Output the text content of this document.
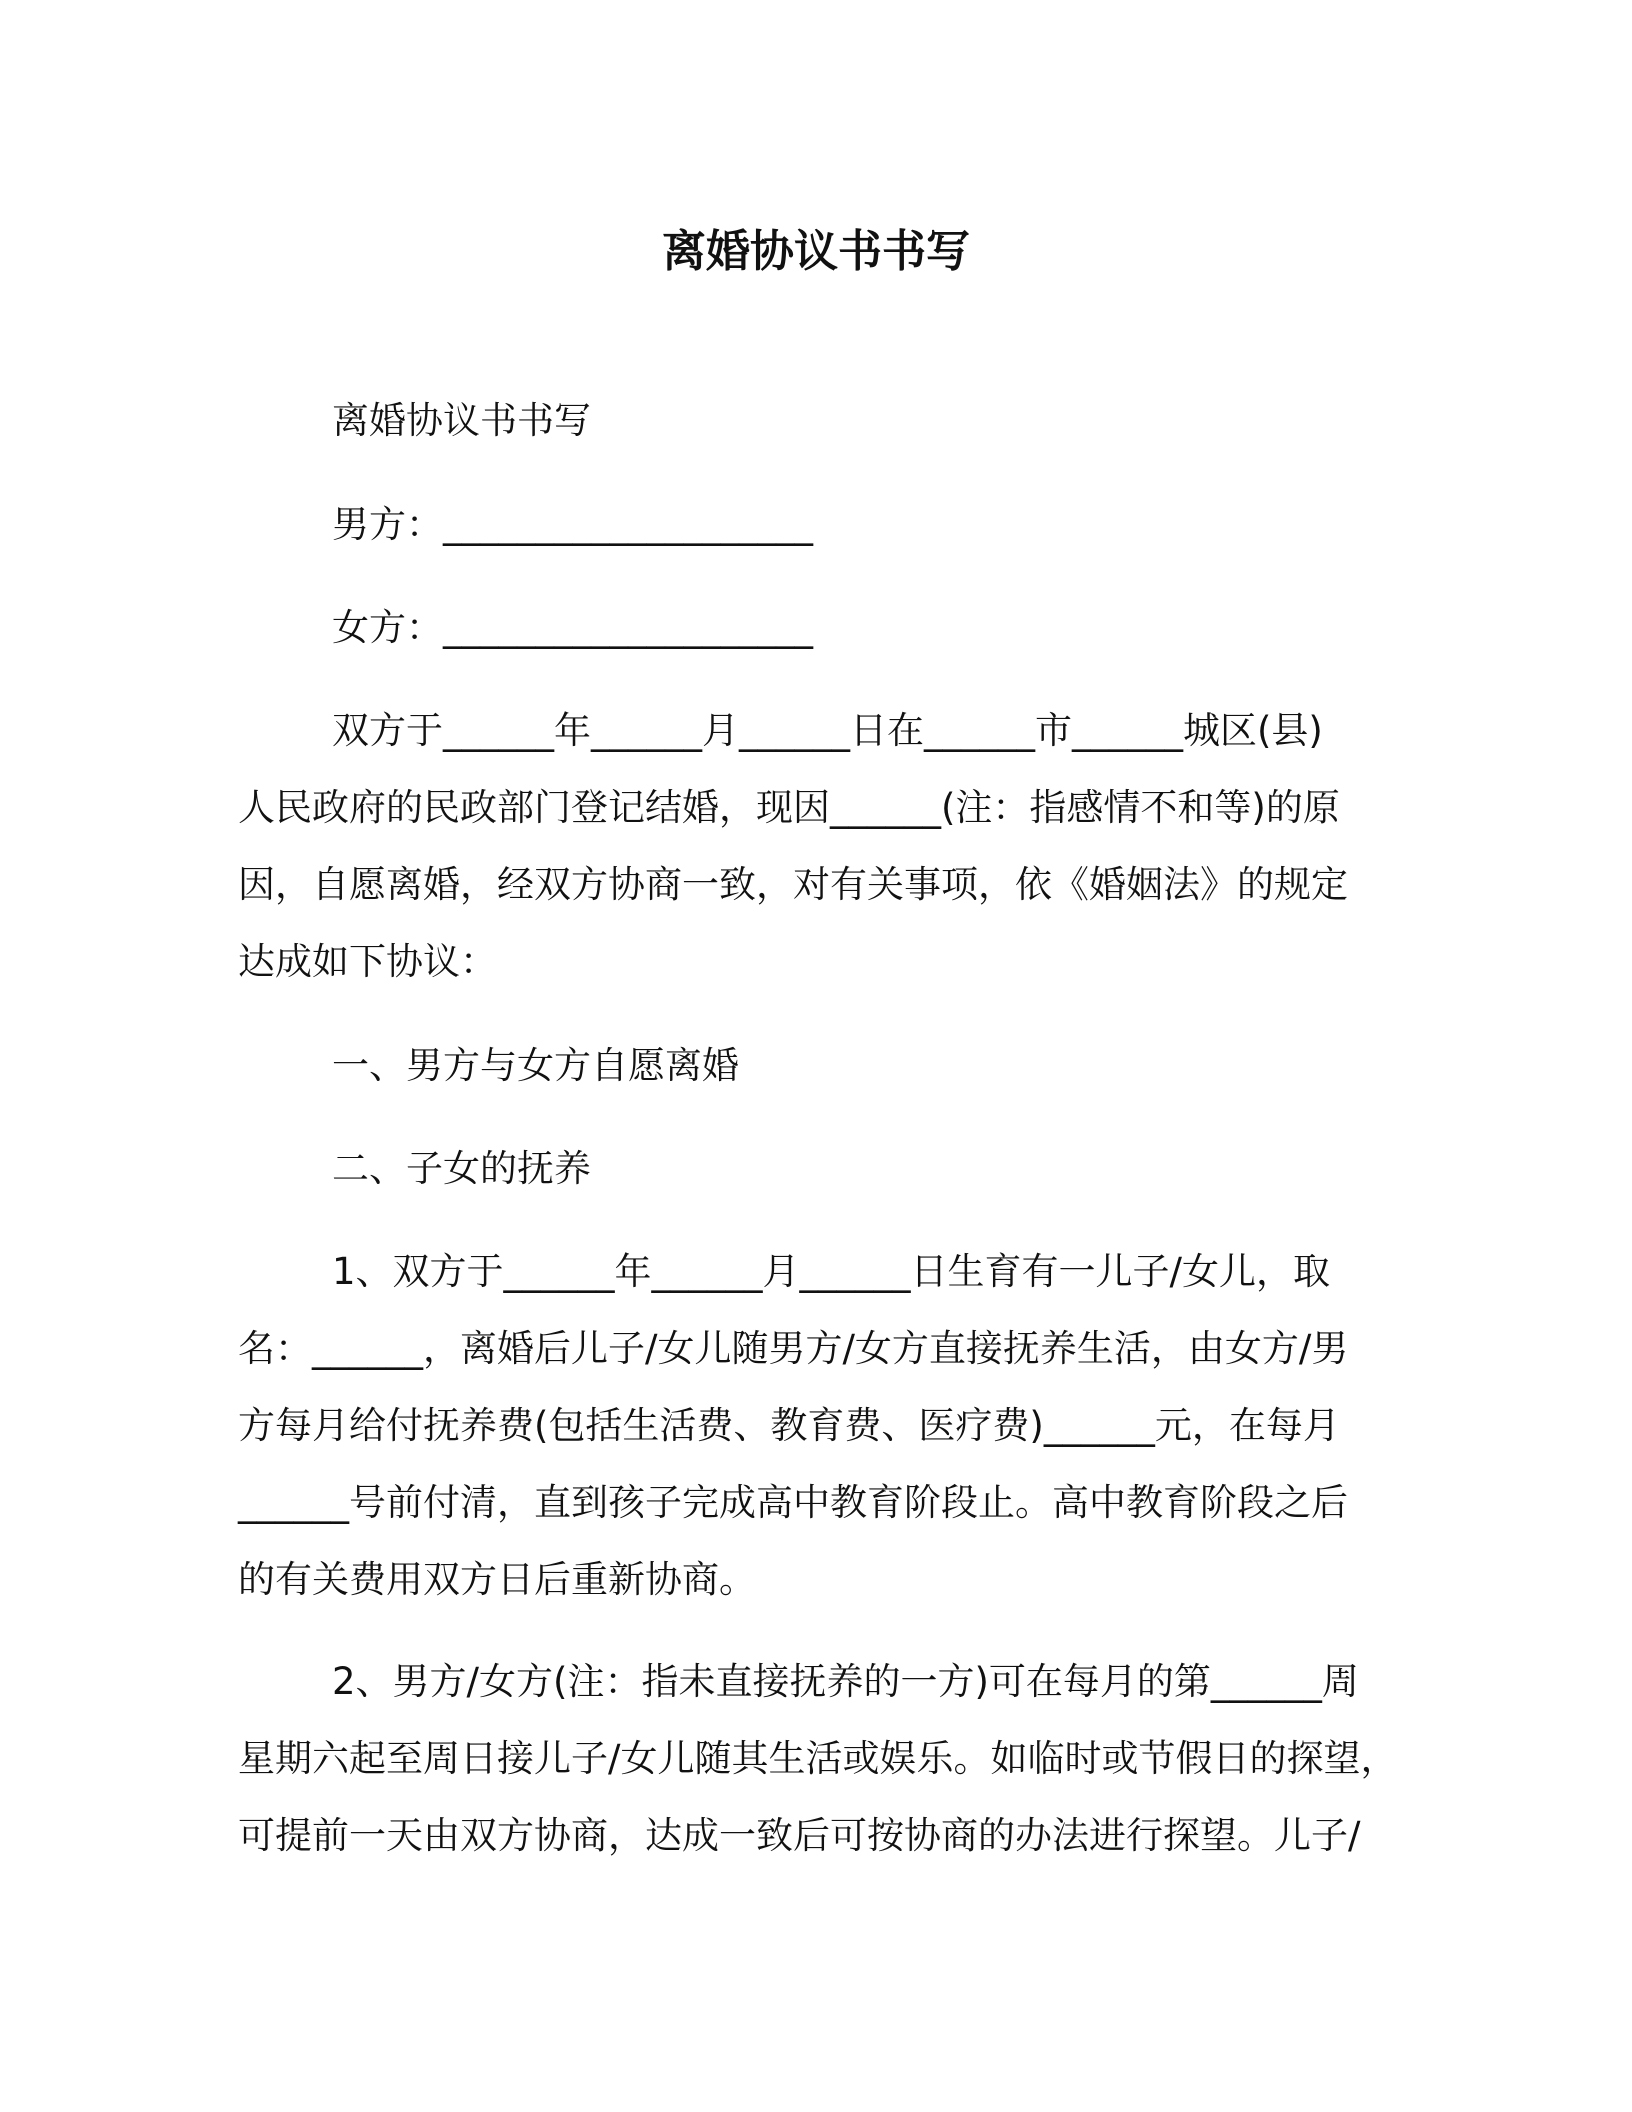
离婚协议书书写
离婚协议书书写
男方：____________________
女方：____________________
双方于______年______月______日在______市______城区(县)
人民政府的民政部门登记结婚，现因______(注：指感情不和等)的原
因，自愿离婚，经双方协商一致，对有关事项，依《婚姻法》的规定
达成如下协议：
一、男方与女方自愿离婚
二、子女的抚养
1、双方于______年______月______日生育有一儿子/女儿，取
名：______，离婚后儿子/女儿随男方/女方直接抚养生活，由女方/男
方每月给付抚养费(包括生活费、教育费、医疗费)______元，在每月
______号前付清，直到孩子完成高中教育阶段止。高中教育阶段之后
的有关费用双方日后重新协商。
2、男方/女方(注：指未直接抚养的一方)可在每月的第______周
星期六起至周日接儿子/女儿随其生活或娱乐。如临时或节假日的探望，
可提前一天由双方协商，达成一致后可按协商的办法进行探望。儿子/
